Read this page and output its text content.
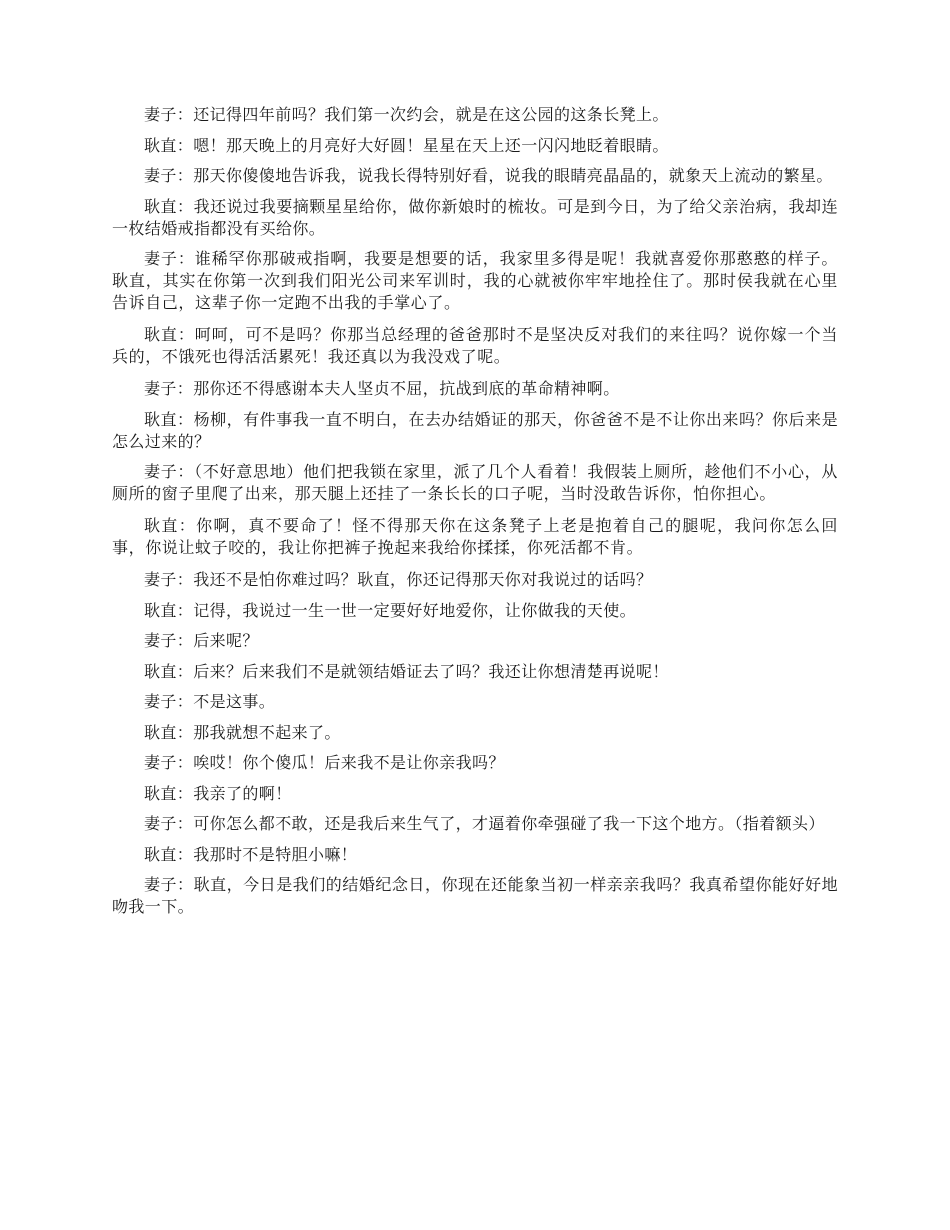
妻子：还记得四年前吗？我们第一次约会，就是在这公园的这条长凳上。

耿直：嗯！那天晚上的月亮好大好圆！星星在天上还一闪闪地眨着眼睛。

妻子：那天你傻傻地告诉我，说我长得特别好看，说我的眼睛亮晶晶的，就象天上流动的繁星。

耿直：我还说过我要摘颗星星给你，做你新娘时的梳妆。可是到今日，为了给父亲治病，我却连一枚结婚戒指都没有买给你。

妻子：谁稀罕你那破戒指啊，我要是想要的话，我家里多得是呢！我就喜爱你那憨憨的样子。耿直，其实在你第一次到我们阳光公司来军训时，我的心就被你牢牢地拴住了。那时侯我就在心里告诉自己，这辈子你一定跑不出我的手掌心了。

耿直：呵呵，可不是吗？你那当总经理的爸爸那时不是坚决反对我们的来往吗？说你嫁一个当兵的，不饿死也得活活累死！我还真以为我没戏了呢。

妻子：那你还不得感谢本夫人坚贞不屈，抗战到底的革命精神啊。

耿直：杨柳，有件事我一直不明白，在去办结婚证的那天，你爸爸不是不让你出来吗？你后来是怎么过来的？

妻子：（不好意思地）他们把我锁在家里，派了几个人看着！我假装上厕所，趁他们不小心，从厕所的窗子里爬了出来，那天腿上还挂了一条长长的口子呢，当时没敢告诉你，怕你担心。

耿直：你啊，真不要命了！怪不得那天你在这条凳子上老是抱着自己的腿呢，我问你怎么回事，你说让蚊子咬的，我让你把裤子挽起来我给你揉揉，你死活都不肯。

妻子：我还不是怕你难过吗？耿直，你还记得那天你对我说过的话吗？

耿直：记得，我说过一生一世一定要好好地爱你，让你做我的天使。

妻子：后来呢？

耿直：后来？后来我们不是就领结婚证去了吗？我还让你想清楚再说呢！

妻子：不是这事。

耿直：那我就想不起来了。

妻子：唉哎！你个傻瓜！后来我不是让你亲我吗？

耿直：我亲了的啊！

妻子：可你怎么都不敢，还是我后来生气了，才逼着你牵强碰了我一下这个地方。（指着额头）

耿直：我那时不是特胆小嘛！

妻子：耿直，今日是我们的结婚纪念日，你现在还能象当初一样亲亲我吗？我真希望你能好好地吻我一下。
